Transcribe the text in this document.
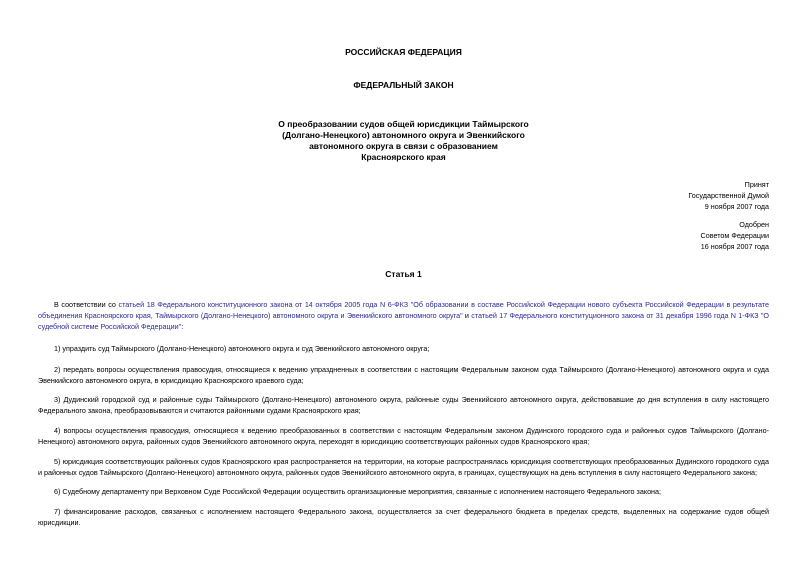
РОССИЙСКАЯ ФЕДЕРАЦИЯ
ФЕДЕРАЛЬНЫЙ ЗАКОН
О преобразовании судов общей юрисдикции Таймырского
(Долгано-Ненецкого) автономного округа и Эвенкийского
автономного округа в связи с образованием
Красноярского края
Принят
Государственной Думой
9 ноября 2007 года
Одобрен
Советом Федерации
16 ноября 2007 года
Статья 1
В соответствии со статьей 18 Федерального конституционного закона от 14 октября 2005 года N 6-ФКЗ "Об образовании в составе Российской Федерации нового субъекта Российской Федерации в результате объединения Красноярского края, Таймырского (Долгано-Ненецкого) автономного округа и Эвенкийского автономного округа" и статьей 17 Федерального конституционного закона от 31 декабря 1996 года N 1-ФКЗ "О судебной системе Российской Федерации":
1) упраздить суд Таймырского (Долгано-Ненецкого) автономного округа и суд Эвенкийского автономного округа;
2) передать вопросы осуществления правосудия, относящиеся к ведению упраздненных в соответствии с настоящим Федеральным законом суда Таймырского (Долгано-Ненецкого) автономного округа и суда Эвенкийского автономного округа, в юрисдикцию Красноярского краевого суда;
3) Дудинский городской суд и районные суды Таймырского (Долгано-Ненецкого) автономного округа, районные суды Эвенкийского автономного округа, действовавшие до дня вступления в силу настоящего Федерального закона, преобразовываются и считаются районными судами Красноярского края;
4) вопросы осуществления правосудия, относящиеся к ведению преобразованных в соответствии с настоящим Федеральным законом Дудинского городского суда и районных судов Таймырского (Долгано-Ненецкого) автономного округа, районных судов Эвенкийского автономного округа, переходят в юрисдикцию соответствующих районных судов Красноярского края;
5) юрисдикция соответствующих районных судов Красноярского края распространяется на территории, на которые распространялась юрисдикция соответствующих преобразованных Дудинского городского суда и районных судов Таймырского (Долгано-Ненецкого) автономного округа, районных судов Эвенкийского автономного округа, в границах, существующих на день вступления в силу настоящего Федерального закона;
6) Судебному департаменту при Верховном Суде Российской Федерации осуществить организационные мероприятия, связанные с исполнением настоящего Федерального закона;
7) финансирование расходов, связанных с исполнением настоящего Федерального закона, осуществляется за счет федерального бюджета в пределах средств, выделенных на содержание судов общей юрисдикции.
